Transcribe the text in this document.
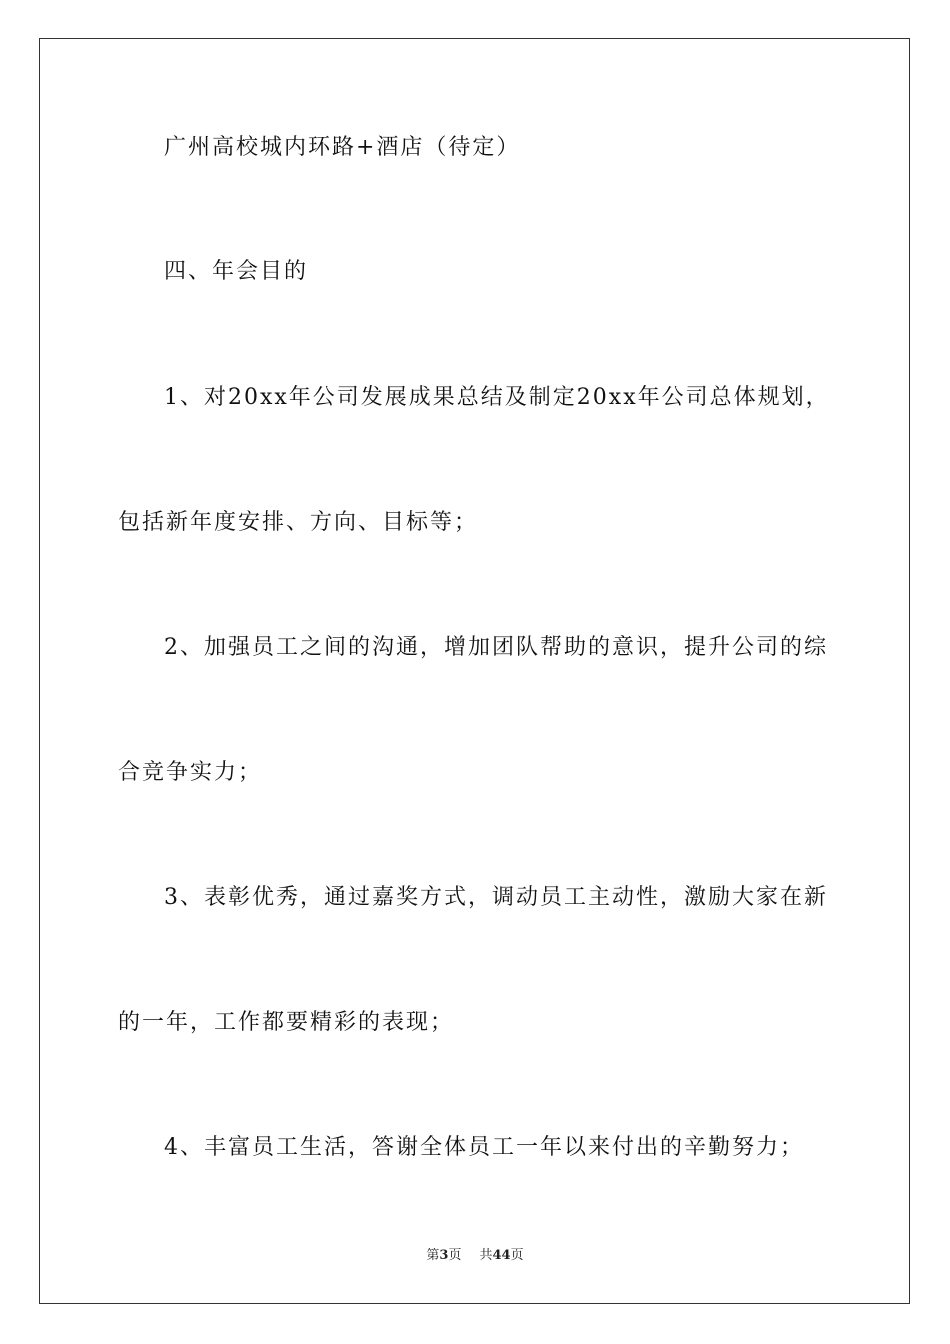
广州高校城内环路+酒店（待定）
四、年会目的
1、对20xx年公司发展成果总结及制定20xx年公司总体规划，
包括新年度安排、方向、目标等；
2、加强员工之间的沟通，增加团队帮助的意识，提升公司的综
合竞争实力；
3、表彰优秀，通过嘉奖方式，调动员工主动性，激励大家在新
的一年，工作都要精彩的表现；
4、丰富员工生活，答谢全体员工一年以来付出的辛勤努力；
第3页 共44页
